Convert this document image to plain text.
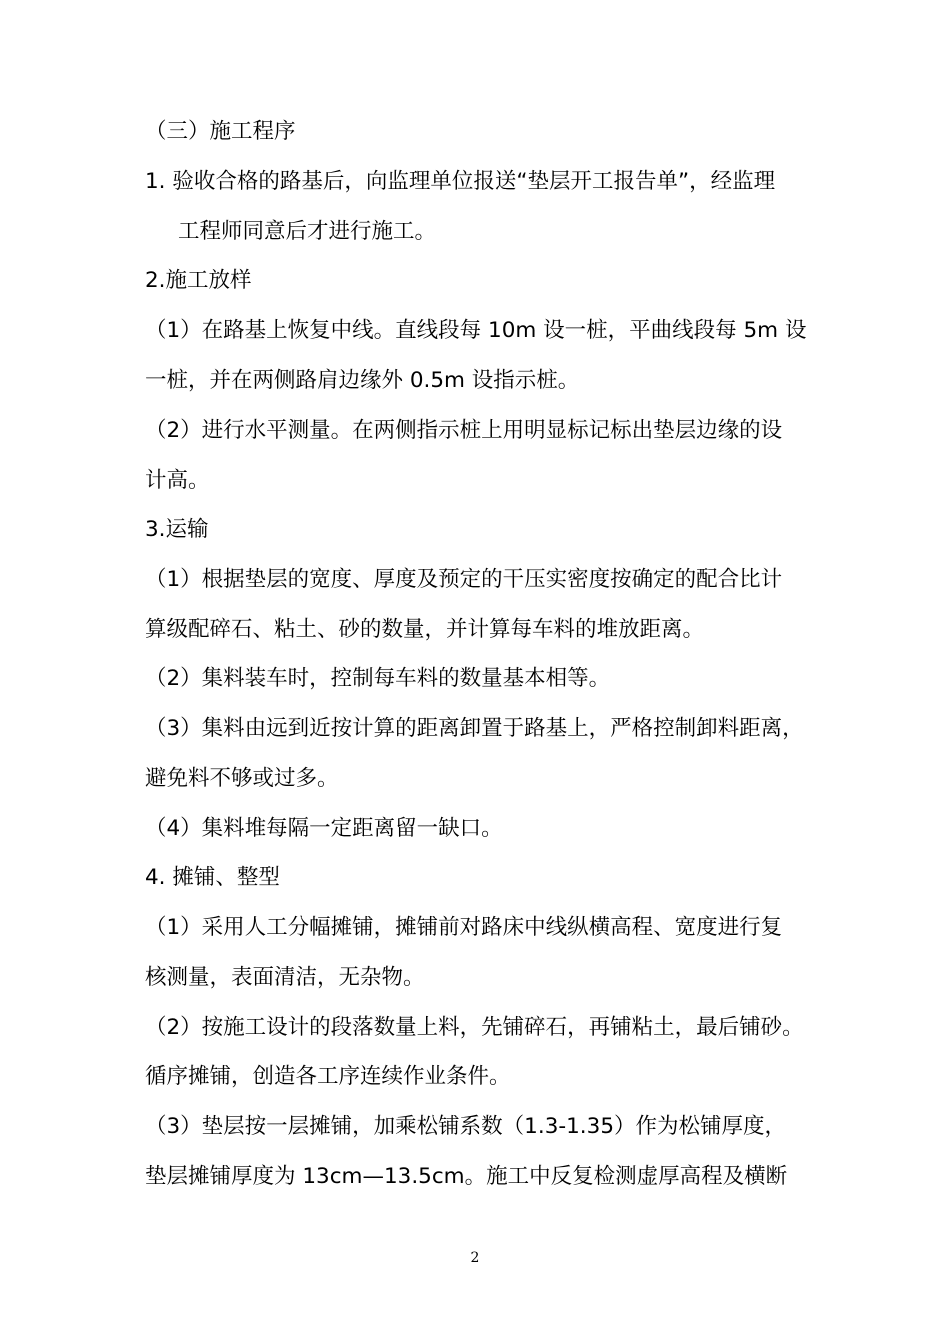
（三）施工程序
1. 验收合格的路基后，向监理单位报送“垫层开工报告单”，经监理
工程师同意后才进行施工。
2.施工放样
（1）在路基上恢复中线。直线段每 10m 设一桩，平曲线段每 5m 设
一桩，并在两侧路肩边缘外 0.5m 设指示桩。
（2）进行水平测量。在两侧指示桩上用明显标记标出垫层边缘的设
计高。
3.运输
（1）根据垫层的宽度、厚度及预定的干压实密度按确定的配合比计
算级配碎石、粘土、砂的数量，并计算每车料的堆放距离。
（2）集料装车时，控制每车料的数量基本相等。
（3）集料由远到近按计算的距离卸置于路基上，严格控制卸料距离，
避免料不够或过多。
（4）集料堆每隔一定距离留一缺口。
4. 摊铺、整型
（1）采用人工分幅摊铺，摊铺前对路床中线纵横高程、宽度进行复
核测量，表面清洁，无杂物。
（2）按施工设计的段落数量上料，先铺碎石，再铺粘土，最后铺砂。
循序摊铺，创造各工序连续作业条件。
（3）垫层按一层摊铺，加乘松铺系数（1.3-1.35）作为松铺厚度，
垫层摊铺厚度为 13cm—13.5cm。施工中反复检测虚厚高程及横断
2
